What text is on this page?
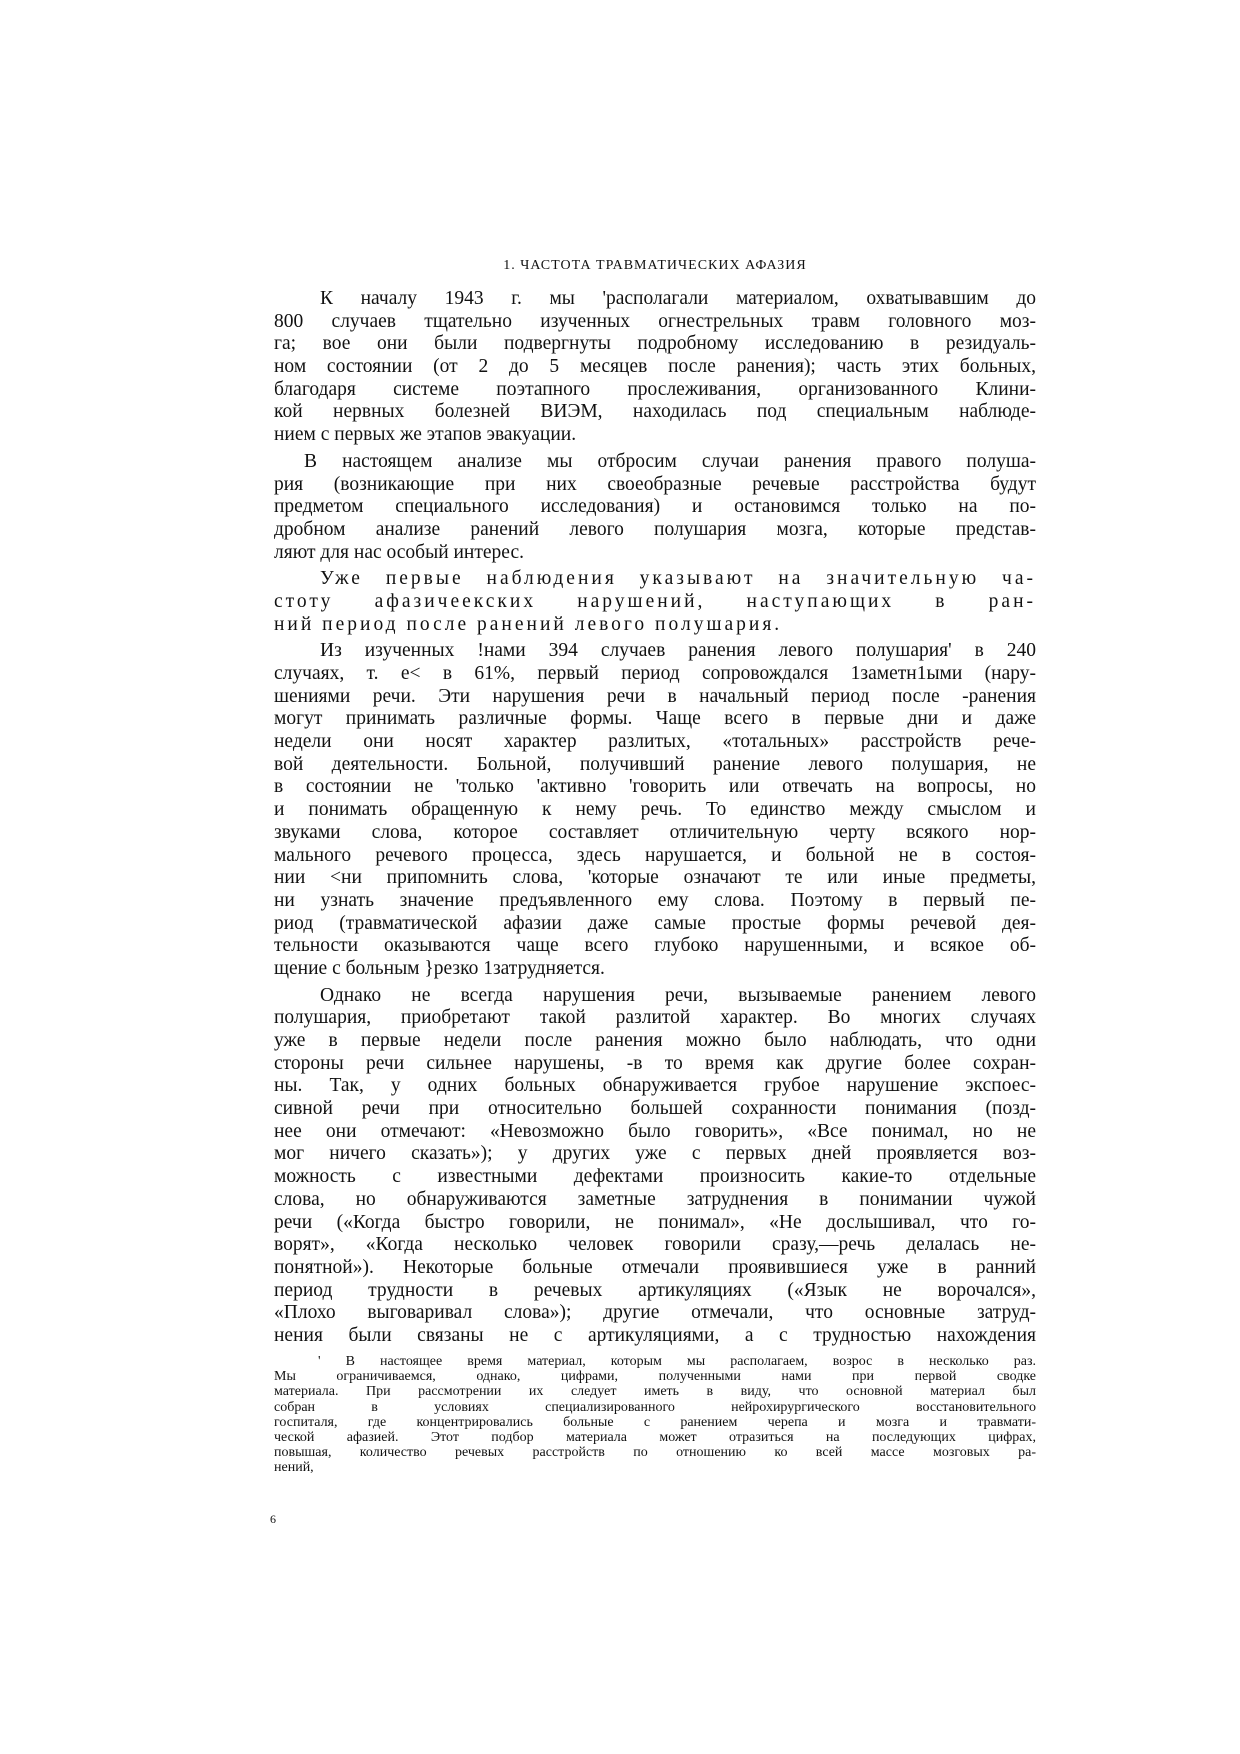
1. ЧАСТОТА ТРАВМАТИЧЕСКИХ АФАЗИЯ
К началу 1943 г. мы 'располагали материалом, охватывавшим до
800 случаев тщательно изученных огнестрельных травм головного моз-
га; вое они были подвергнуты подробному исследованию в резидуаль-
ном состоянии (от 2 до 5 месяцев после ранения); часть этих больных,
благодаря системе поэтапного прослеживания, организованного Клини-
кой нервных болезней ВИЭМ, находилась под специальным наблюде-
нием с первых же этапов эвакуации.
В настоящем анализе мы отбросим случаи ранения правого полуша-
рия (возникающие при них своеобразные речевые расстройства будут
предметом специального исследования) и остановимся только на по-
дробном анализе ранений левого полушария мозга, которые представ-
ляют для нас особый интерес.
Уже первые наблюдения указывают на значительную ча-
стоту афазичеекских нарушений, наступающих в ран-
ний период после ранений левого полушария.
Из изученных !нами 394 случаев ранения левого полушария' в 240
случаях, т. е< в 61%, первый период сопровождался 1заметн1ыми (нару-
шениями речи. Эти нарушения речи в начальный период после -ранения
могут принимать различные формы. Чаще всего в первые дни и даже
недели они носят характер разлитых, «тотальных» расстройств рече-
вой деятельности. Больной, получивший ранение левого полушария, не
в состоянии не 'только 'активно 'говорить или отвечать на вопросы, но
и понимать обращенную к нему речь. То единство между смыслом и
звуками слова, которое составляет отличительную черту всякого нор-
мального речевого процесса, здесь нарушается, и больной не в состоя-
нии <ни припомнить слова, 'которые означают те или иные предметы,
ни узнать значение предъявленного ему слова. Поэтому в первый пе-
риод (травматической афазии даже самые простые формы речевой дея-
тельности оказываются чаще всего глубоко нарушенными, и всякое об-
щение с больным }резко 1затрудняется.
Однако не всегда нарушения речи, вызываемые ранением левого
полушария, приобретают такой разлитой характер. Во многих случаях
уже в первые недели после ранения можно было наблюдать, что одни
стороны речи сильнее нарушены, -в то время как другие более сохран-
ны. Так, у одних больных обнаруживается грубое нарушение экспоес-
сивной речи при относительно большей сохранности понимания (позд-
нее они отмечают: «Невозможно было говорить», «Все понимал, но не
мог ничего сказать»); у других уже с первых дней проявляется воз-
можность с известными дефектами произносить какие-то отдельные
слова, но обнаруживаются заметные затруднения в понимании чужой
речи («Когда быстро говорили, не понимал», «Не дослышивал, что го-
ворят», «Когда несколько человек говорили сразу,—речь делалась не-
понятной»). Некоторые больные отмечали проявившиеся уже в ранний
период трудности в речевых артикуляциях («Язык не ворочался»,
«Плохо выговаривал слова»); другие отмечали, что основные затруд-
нения были связаны не с артикуляциями, а с трудностью нахождения
' В настоящее время материал, которым мы располагаем, возрос в несколько раз.
Мы ограничиваемся, однако, цифрами, полученными нами при первой сводке
материала. При рассмотрении их следует иметь в виду, что основной материал был
собран в условиях специализированного нейрохирургического восстановительного
госпиталя, где концентрировались больные с ранением черепа и мозга и травмати-
ческой афазией. Этот подбор материала может отразиться на последующих цифрах,
повышая, количество речевых расстройств по отношению ко всей массе мозговых ра-
нений,
6
